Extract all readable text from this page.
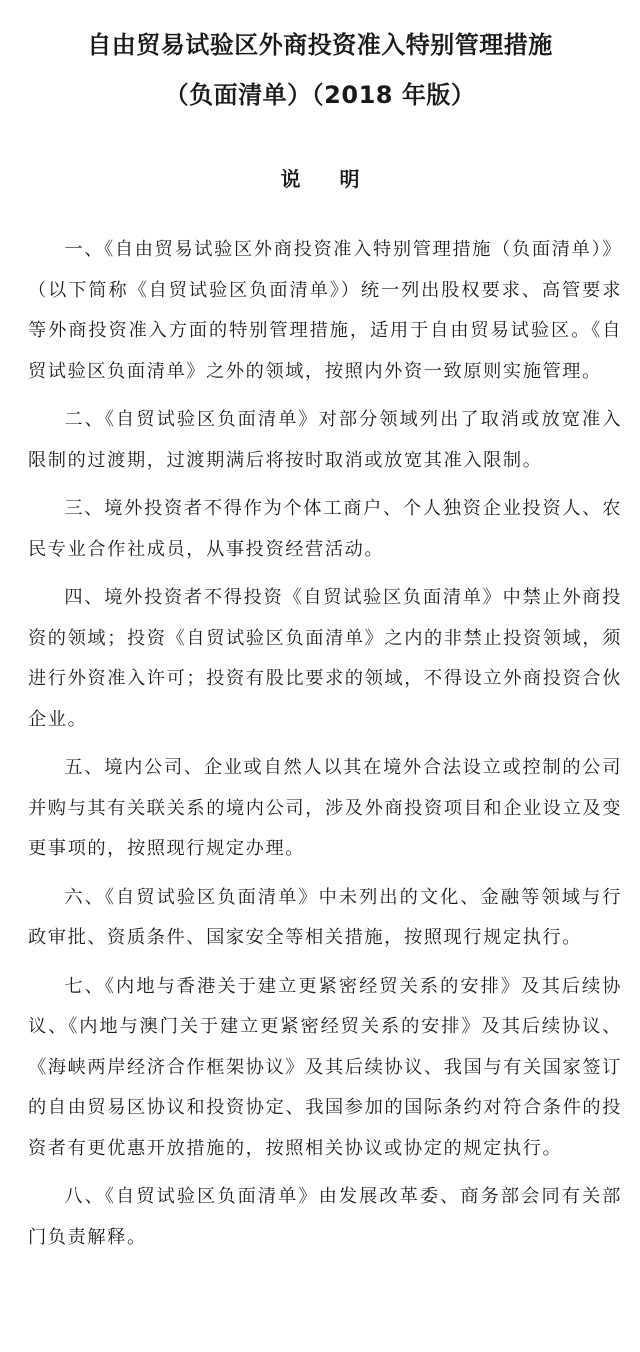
自由贸易试验区外商投资准入特别管理措施
（负面清单）（2018 年版）
说 明

一、《自由贸易试验区外商投资准入特别管理措施（负面清单）》（以下简称《自贸试验区负面清单》）统一列出股权要求、高管要求等外商投资准入方面的特别管理措施，适用于自由贸易试验区。《自贸试验区负面清单》之外的领域，按照内外资一致原则实施管理。

二、《自贸试验区负面清单》对部分领域列出了取消或放宽准入限制的过渡期，过渡期满后将按时取消或放宽其准入限制。

三、境外投资者不得作为个体工商户、个人独资企业投资人、农民专业合作社成员，从事投资经营活动。

四、境外投资者不得投资《自贸试验区负面清单》中禁止外商投资的领域；投资《自贸试验区负面清单》之内的非禁止投资领域，须进行外资准入许可；投资有股比要求的领域，不得设立外商投资合伙企业。

五、境内公司、企业或自然人以其在境外合法设立或控制的公司并购与其有关联关系的境内公司，涉及外商投资项目和企业设立及变更事项的，按照现行规定办理。

六、《自贸试验区负面清单》中未列出的文化、金融等领域与行政审批、资质条件、国家安全等相关措施，按照现行规定执行。

七、《内地与香港关于建立更紧密经贸关系的安排》及其后续协议、《内地与澳门关于建立更紧密经贸关系的安排》及其后续协议、《海峡两岸经济合作框架协议》及其后续协议、我国与有关国家签订的自由贸易区协议和投资协定、我国参加的国际条约对符合条件的投资者有更优惠开放措施的，按照相关协议或协定的规定执行。

八、《自贸试验区负面清单》由发展改革委、商务部会同有关部门负责解释。
